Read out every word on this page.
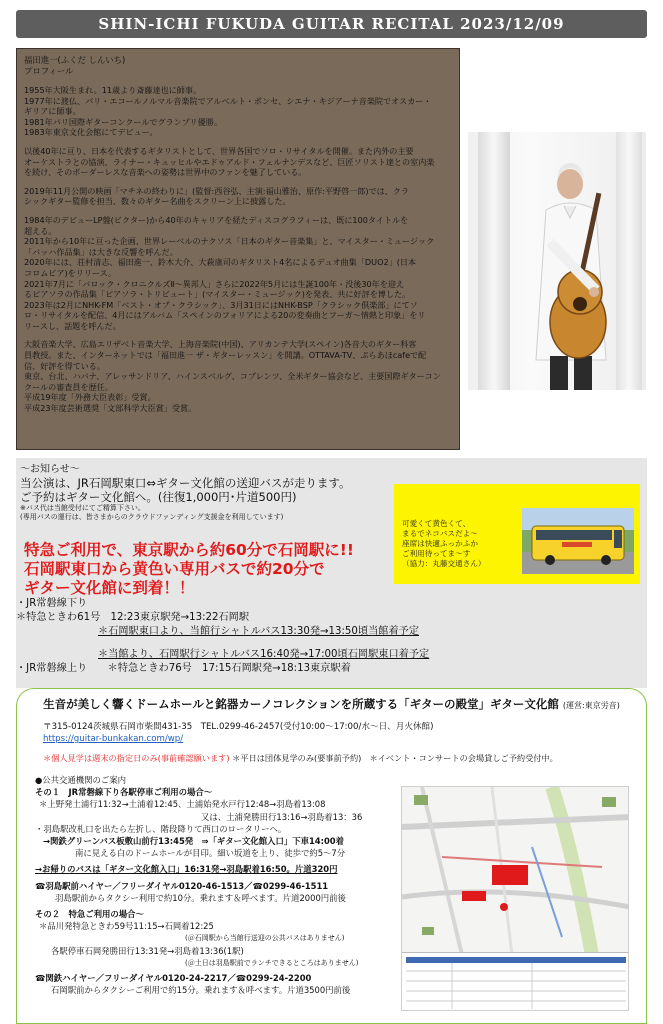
SHIN-ICHI FUKUDA GUITAR RECITAL 2023/12/09
福田進一(ふくだ しんいち)
プロフィール
1955年大阪生まれ。11歳より斎藤達也に師事。
1977年に渡仏、パリ・エコールノルマル音楽院でアルベルト・ポンセ、シエナ・キジアーナ音楽院でオスカー・
ギリアに師事。
1981年パリ国際ギターコンクールでグランプリ優勝。
1983年東京文化会館にてデビュー。
以後40年に亘り、日本を代表するギタリストとして、世界各国でソロ・リサイタルを開催。また内外の主要
オーケストラとの協演、ライナー・キュッヒルやエドゥアルド・フェルナンデスなど、巨匠ソリスト達との室内楽
を続け、そのボーダーレスな音楽への姿勢は世界中のファンを魅了している。
2019年11月公開の映画「マチネの終わりに」(監督:西谷弘、主演:福山雅治、原作:平野啓一郎)では、クラ
シックギター監修を担当、数々のギター名曲をスクリーン上に披露した。
1984年のデビューLP盤(ビクター)から40年のキャリアを経たディスコグラフィーは、既に100タイトルを
超える。
2011年から10年に亘った企画、世界レーベルのナクソス「日本のギター音楽集」と、マイスター・ミュージック
「バッハ作品集」は大きな反響を呼んだ。
2020年には、荘村清志、福田進一、鈴木大介、大萩康司のギタリスト4名によるデュオ曲集「DUO2」(日本
コロムビア)をリリース。
2021年7月に「バロック・クロニクルズⅡ～異邦人」さらに2022年5月には生誕100年・没後30年を迎え
るピアソラの作品集「ピアソラ・トリビュート」(マイスター・ミュージック)を発表、共に好評を博した。
2023年は2月にNHK-FM「ベスト・オブ・クラシック」、3月31日にはNHK-BSP「クラシック倶楽部」にてソ
ロ・リサイタルを配信、4月にはアルバム「スペインのフォリアによる20の変奏曲とフーガ～情熱と印象」をリ
リースし、話題を呼んだ。
大阪音楽大学、広島エリザベト音楽大学、上海音楽院(中国)、アリカンテ大学(スペイン)各音大のギター科客
員教授。また、インターネットでは「福田進一 ザ・ギターレッスン」を開講。OTTAVA-TV、ぷらあほcafeで配
信、好評を得ている。
東京、台北、ハバナ、アレッサンドリア、ハインスベルグ、コブレンツ、全米ギター協会など、主要国際ギターコン
クールの審査員を歴任。
平成19年度「外務大臣表彰」受賞。
平成23年度芸術選奨「文部科学大臣賞」受賞。
～お知らせ～
当公演は、JR石岡駅東口⇔ギター文化館の送迎バスが走ります。
ご予約はギター文化館へ。(往復1,000円･片道500円)
※バス代は当館受付にてご精算下さい。
(専用バスの運行は、皆さまからのクラウドファンディング支援金を利用しています)
特急ご利用で、東京駅から約60分で石岡駅に!!
石岡駅東口から黄色い専用バスで約20分で
ギター文化館に到着！！
・JR常磐線下り
＊特急ときわ61号　12:23東京駅発→13:22石岡駅
＊石岡駅東口より、当館行シャトルバス13:30発→13:50頃当館着予定
＊当館より、石岡駅行シャトルバス16:40発→17:00頃石岡駅東口着予定
・JR常磐線上り　　＊特急ときわ76号　17:15石岡駅発→18:13東京駅着
可愛くて黄色くて、
まるでネコバスだよ～
座席は快適ふっかふか
ご利用待ってま～す
（協力：丸藤交通さん）
生音が美しく響くドームホールと銘器カーノコレクションを所蔵する「ギターの殿堂」ギター文化館 (運営:東京労音)
〒315-0124茨城県石岡市柴間431-35　TEL.0299-46-2457(受付10:00～17:00/水～日、月火休館)
https://guitar-bunkakan.com/wp/
＊個人見学は週末の指定日のみ(事前確認願います) ＊平日は団体見学のみ(要事前予約)　＊イベント・コンサートの会場貸しご予約受付中。
●公共交通機関のご案内
その１　JR常磐線下り各駅停車ご利用の場合～
＊上野発土浦行11:32→土浦着12:45、土浦始発水戸行12:48→羽島着13:08
又は、土浦発勝田行13:16→羽島着13：36
・羽島駅改札口を出たら左折し、階段降りて西口のロータリーへ。
→関鉄グリーンバス板敷山前行13:45発　⇒「ギター文化館入口」下車14:00着
南に見える白のドームホールが目印。細い坂道を上り、徒歩で約5～7分
→お帰りのバスは「ギター文化館入口」16:31発→羽島駅着16:50。片道320円
☎羽島駅前ハイヤー／フリーダイヤル0120-46-1513／☎0299-46-1511
羽島駅前からタクシー利用で約10分。乗れます＆呼べます。片道2000円前後
その２　特急ご利用の場合～
＊品川発特急ときわ59号11:15→石岡着12:25
(＠石岡駅から当館行送迎の公共バスはありません)
各駅停車石岡発勝田行13:31発→羽島着13:36(1駅)
(＠土日は羽島駅前でランチできるところはありません)
☎関鉄ハイヤー／フリーダイヤル0120-24-2217／☎0299-24-2200
石岡駅前からタクシーご利用で約15分。乗れます＆呼べます。片道3500円前後
